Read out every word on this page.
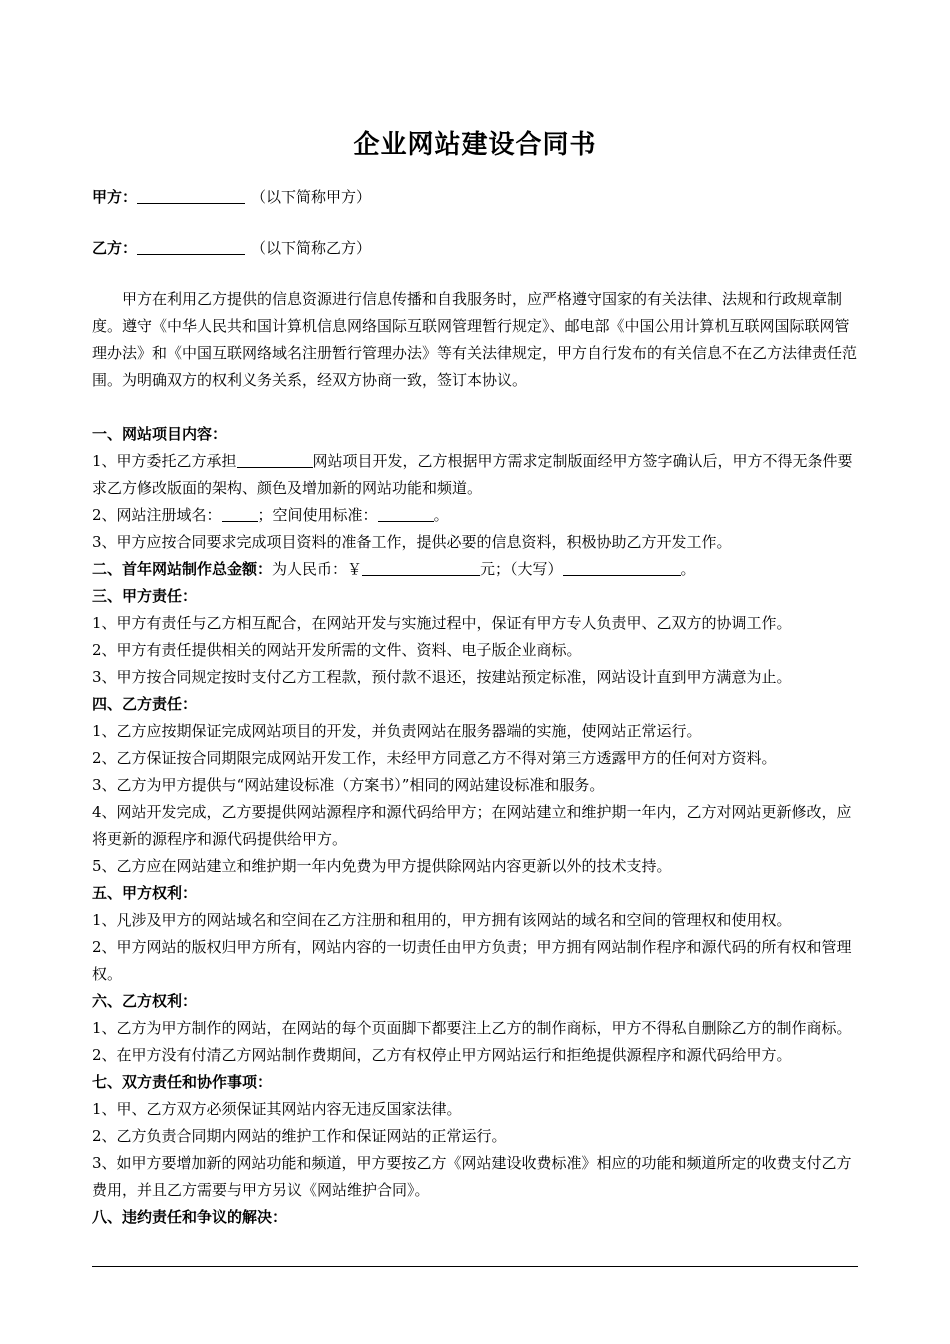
企业网站建设合同书
甲方：	（以下简称甲方）
乙方：	（以下简称乙方）

甲方在利用乙方提供的信息资源进行信息传播和自我服务时，应严格遵守国家的有关法律、法规和行政规章制度。遵守《中华人民共和国计算机信息网络国际互联网管理暂行规定》、邮电部《中国公用计算机互联网国际联网管理办法》和《中国互联网络域名注册暂行管理办法》等有关法律规定，甲方自行发布的有关信息不在乙方法律责任范围。为明确双方的权利义务关系，经双方协商一致，签订本协议。

一、网站项目内容：

1、甲方委托乙方承担	网站项目开发，乙方根据甲方需求定制版面经甲方签字确认后，甲方不得无条件要求乙方修改版面的架构、颜色及增加新的网站功能和频道。

2、网站注册域名： ；空间使用标准：	。

3、甲方应按合同要求完成项目资料的准备工作，提供必要的信息资料，积极协助乙方开发工作。

二、首年网站制作总金额：为人民币：￥	元；（大写）	。

三、甲方责任：

1、甲方有责任与乙方相互配合，在网站开发与实施过程中，保证有甲方专人负责甲、乙双方的协调工作。

2、甲方有责任提供相关的网站开发所需的文件、资料、电子版企业商标。

3、甲方按合同规定按时支付乙方工程款，预付款不退还，按建站预定标准，网站设计直到甲方满意为止。

四、乙方责任：

1、乙方应按期保证完成网站项目的开发，并负责网站在服务器端的实施，使网站正常运行。

2、乙方保证按合同期限完成网站开发工作，未经甲方同意乙方不得对第三方透露甲方的任何对方资料。

3、乙方为甲方提供与“网站建设标准（方案书）”相同的网站建设标准和服务。

4、网站开发完成，乙方要提供网站源程序和源代码给甲方；在网站建立和维护期一年内，乙方对网站更新修改，应将更新的源程序和源代码提供给甲方。

5、乙方应在网站建立和维护期一年内免费为甲方提供除网站内容更新以外的技术支持。

五、甲方权利：

1、凡涉及甲方的网站域名和空间在乙方注册和租用的，甲方拥有该网站的域名和空间的管理权和使用权。

2、甲方网站的版权归甲方所有，网站内容的一切责任由甲方负责；甲方拥有网站制作程序和源代码的所有权和管理权。

六、乙方权利：

1、乙方为甲方制作的网站，在网站的每个页面脚下都要注上乙方的制作商标，甲方不得私自删除乙方的制作商标。

2、在甲方没有付清乙方网站制作费期间，乙方有权停止甲方网站运行和拒绝提供源程序和源代码给甲方。

七、双方责任和协作事项：

1、甲、乙方双方必须保证其网站内容无违反国家法律。

2、乙方负责合同期内网站的维护工作和保证网站的正常运行。

3、如甲方要增加新的网站功能和频道，甲方要按乙方《网站建设收费标准》相应的功能和频道所定的收费支付乙方费用，并且乙方需要与甲方另议《网站维护合同》。

八、违约责任和争议的解决：
